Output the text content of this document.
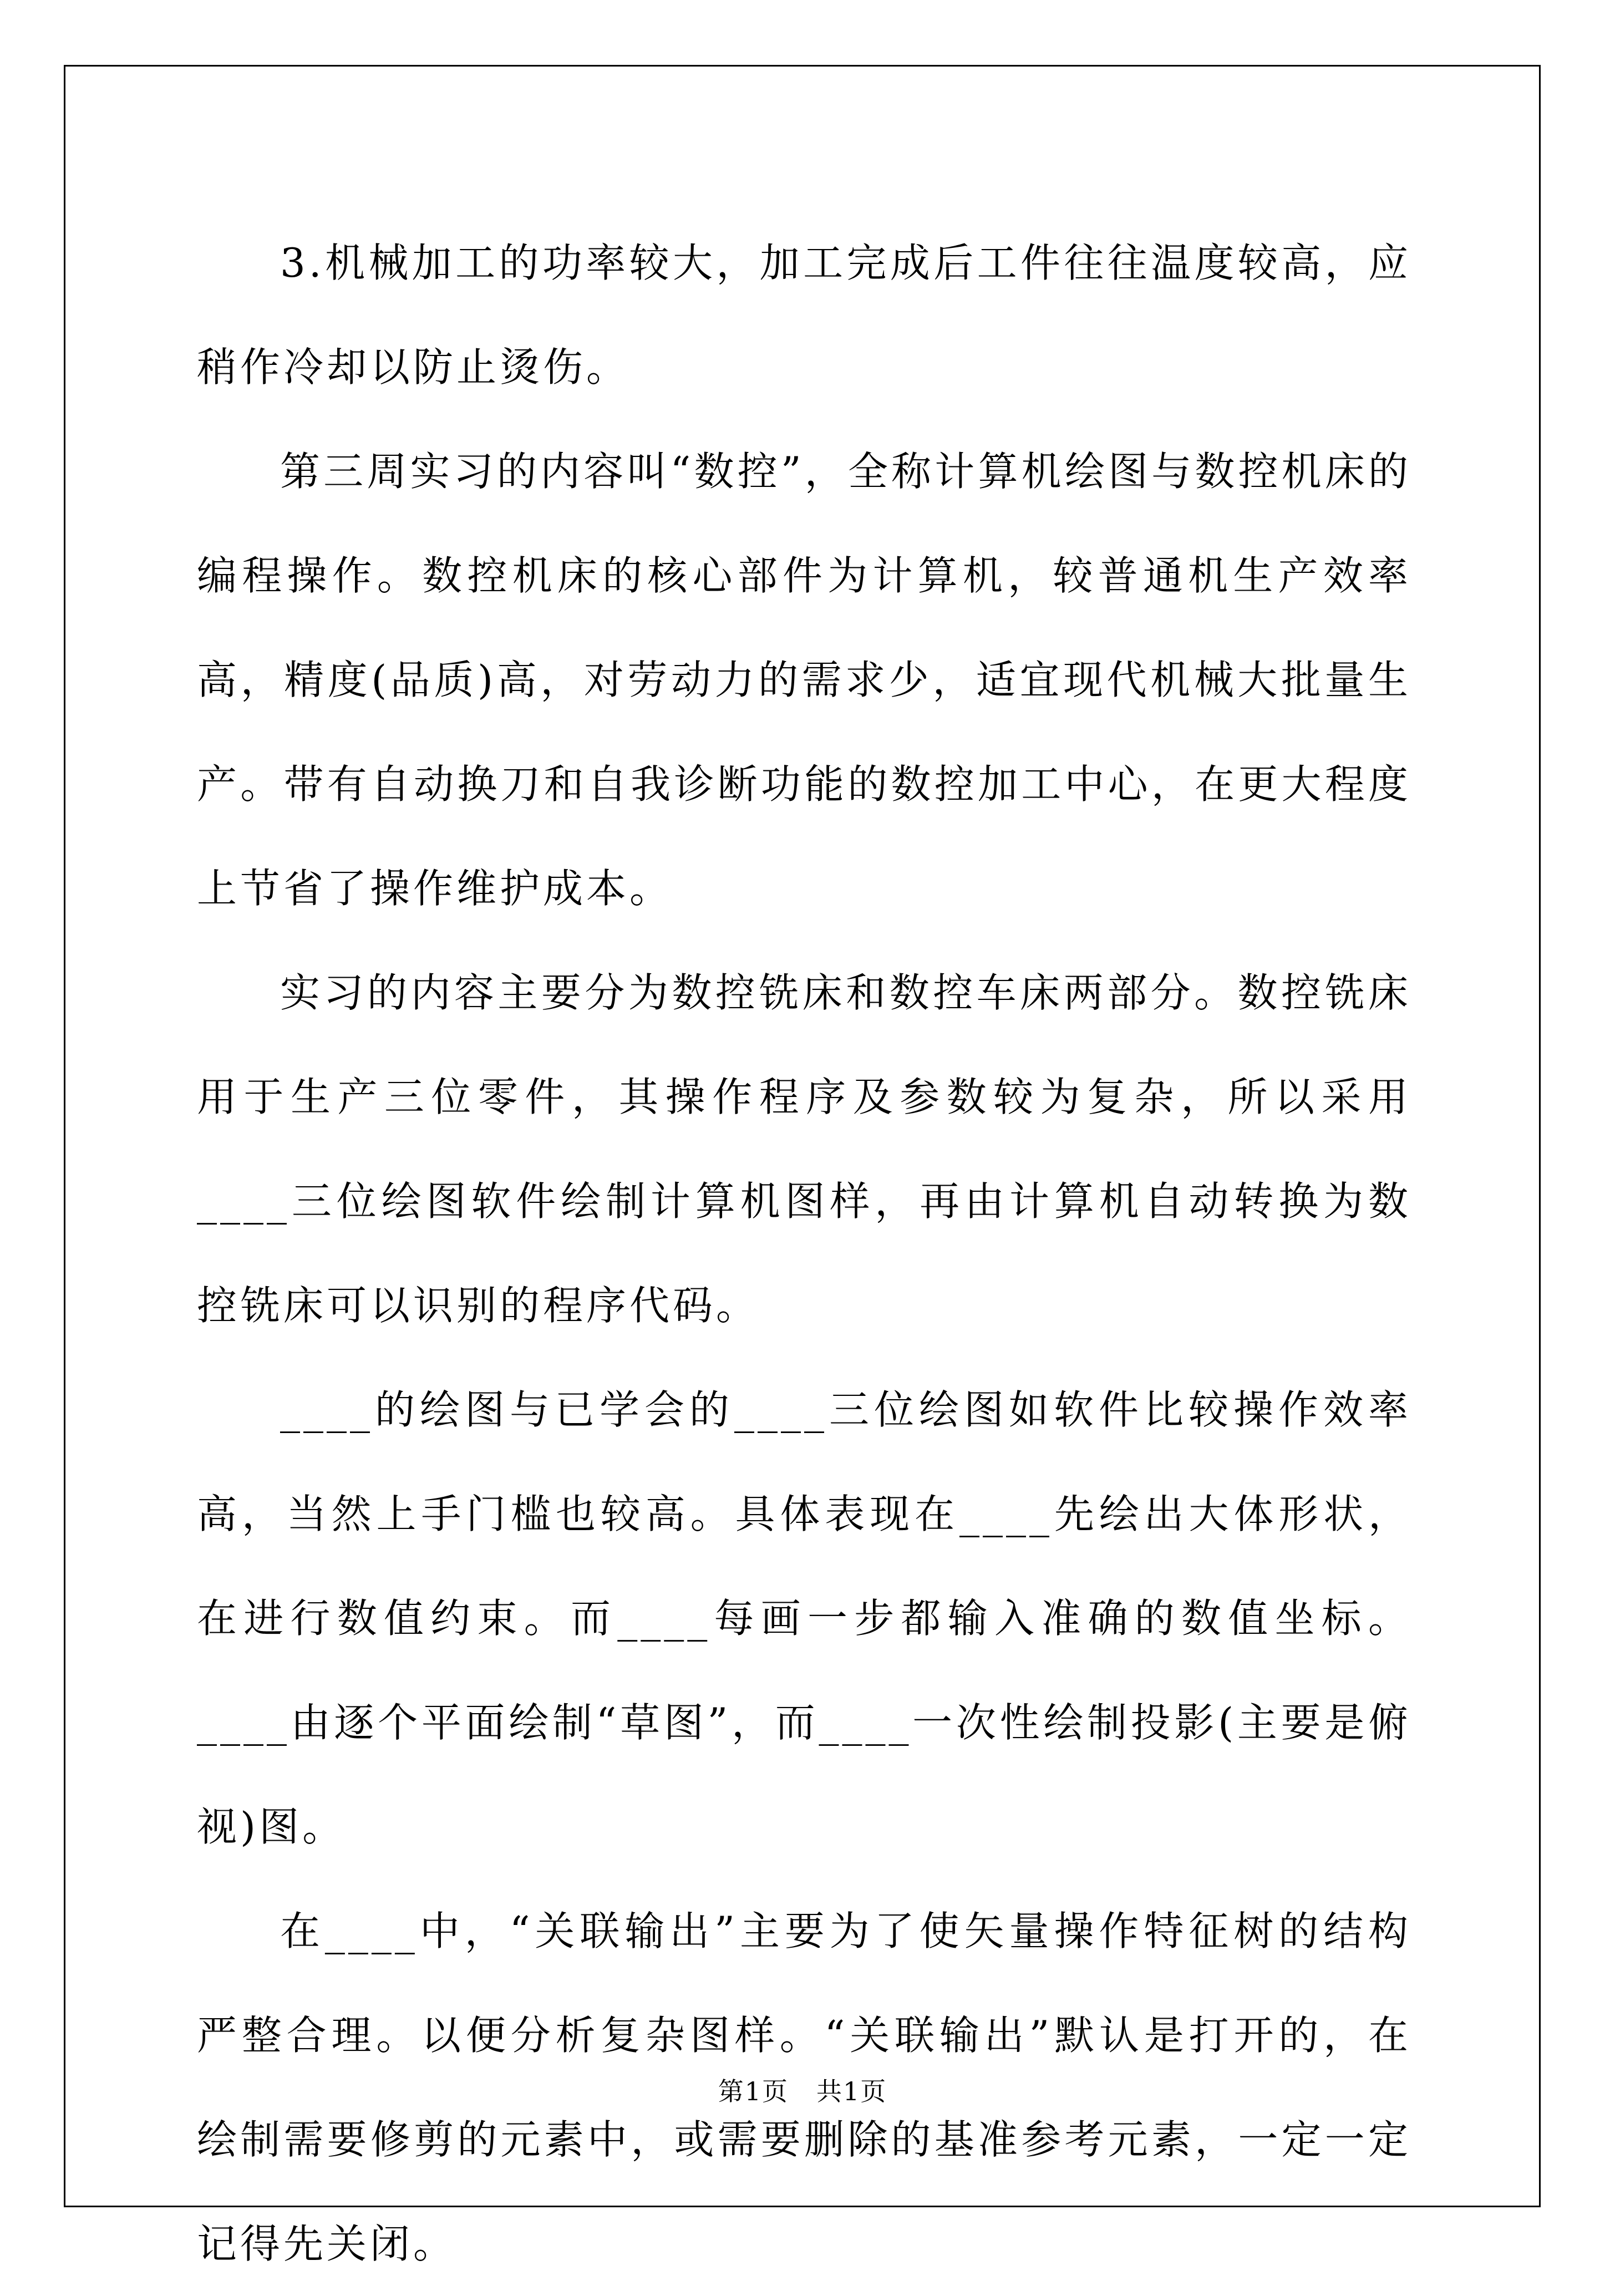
3.机械加工的功率较大，加工完成后工件往往温度较高，应稍作冷却以防止烫伤。

第三周实习的内容叫“数控”，全称计算机绘图与数控机床的编程操作。数控机床的核心部件为计算机，较普通机生产效率高，精度(品质)高，对劳动力的需求少，适宜现代机械大批量生产。带有自动换刀和自我诊断功能的数控加工中心，在更大程度上节省了操作维护成本。

实习的内容主要分为数控铣床和数控车床两部分。数控铣床用于生产三位零件，其操作程序及参数较为复杂，所以采用____三位绘图软件绘制计算机图样，再由计算机自动转换为数控铣床可以识别的程序代码。

____的绘图与已学会的____三位绘图如软件比较操作效率高，当然上手门槛也较高。具体表现在____先绘出大体形状，在进行数值约束。而____每画一步都输入准确的数值坐标。____由逐个平面绘制“草图”，而____一次性绘制投影(主要是俯视)图。

在____中，“关联输出”主要为了使矢量操作特征树的结构严整合理。以便分析复杂图样。“关联输出”默认是打开的，在绘制需要修剪的元素中，或需要删除的基准参考元素，一定一定记得先关闭。

第1页 共1页
